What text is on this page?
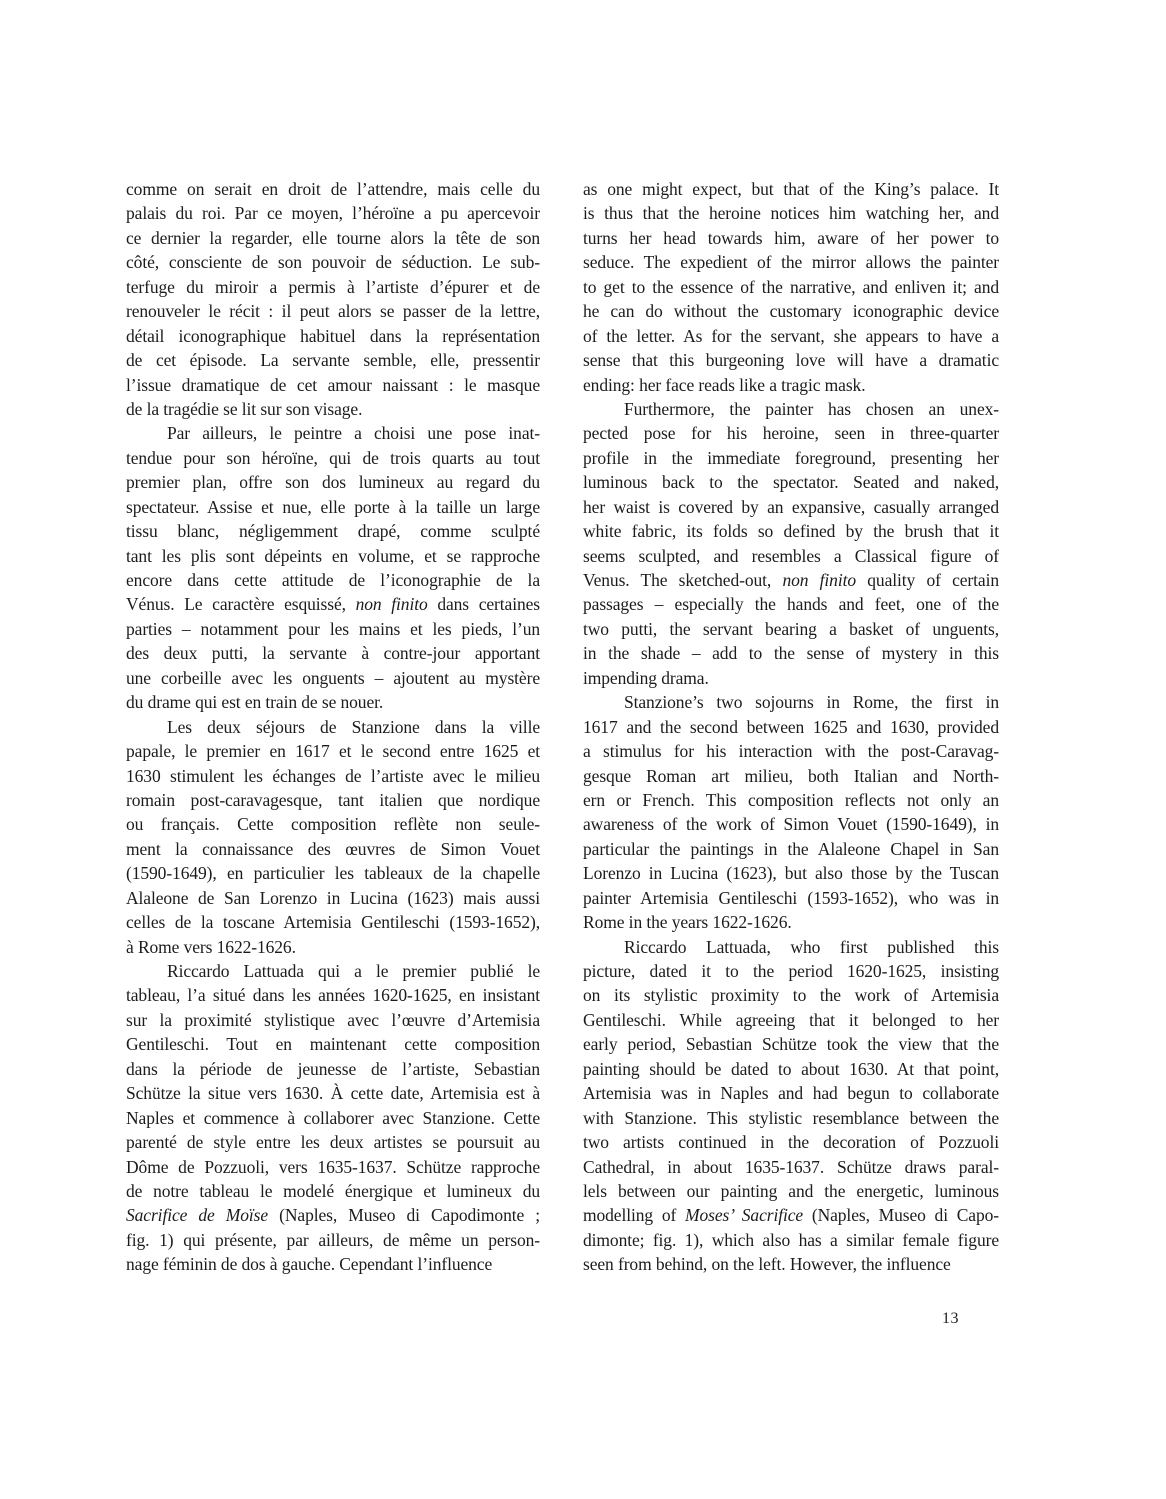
comme on serait en droit de l’attendre, mais celle du
palais du roi. Par ce moyen, l’héroïne a pu apercevoir
ce dernier la regarder, elle tourne alors la tête de son
côté, consciente de son pouvoir de séduction. Le sub-
terfuge du miroir a permis à l’artiste d’épurer et de
renouveler le récit : il peut alors se passer de la lettre,
détail iconographique habituel dans la représentation
de cet épisode. La servante semble, elle, pressentir
l’issue dramatique de cet amour naissant : le masque
de la tragédie se lit sur son visage.
Par ailleurs, le peintre a choisi une pose inat-
tendue pour son héroïne, qui de trois quarts au tout
premier plan, offre son dos lumineux au regard du
spectateur. Assise et nue, elle porte à la taille un large
tissu blanc, négligemment drapé, comme sculpté
tant les plis sont dépeints en volume, et se rapproche
encore dans cette attitude de l’iconographie de la
Vénus. Le caractère esquissé, non finito dans certaines
parties – notamment pour les mains et les pieds, l’un
des deux putti, la servante à contre-jour apportant
une corbeille avec les onguents – ajoutent au mystère
du drame qui est en train de se nouer.
Les deux séjours de Stanzione dans la ville
papale, le premier en 1617 et le second entre 1625 et
1630 stimulent les échanges de l’artiste avec le milieu
romain post-caravagesque, tant italien que nordique
ou français. Cette composition reflète non seule-
ment la connaissance des œuvres de Simon Vouet
(1590-1649), en particulier les tableaux de la chapelle
Alaleone de San Lorenzo in Lucina (1623) mais aussi
celles de la toscane Artemisia Gentileschi (1593-1652),
à Rome vers 1622-1626.
Riccardo Lattuada qui a le premier publié le
tableau, l’a situé dans les années 1620-1625, en insistant
sur la proximité stylistique avec l’œuvre d’Artemisia
Gentileschi. Tout en maintenant cette composition
dans la période de jeunesse de l’artiste, Sebastian
Schütze la situe vers 1630. À cette date, Artemisia est à
Naples et commence à collaborer avec Stanzione. Cette
parenté de style entre les deux artistes se poursuit au
Dôme de Pozzuoli, vers 1635-1637. Schütze rapproche
de notre tableau le modelé énergique et lumineux du
Sacrifice de Moïse (Naples, Museo di Capodimonte ;
fig. 1) qui présente, par ailleurs, de même un person-
nage féminin de dos à gauche. Cependant l’influence
as one might expect, but that of the King’s palace. It
is thus that the heroine notices him watching her, and
turns her head towards him, aware of her power to
seduce. The expedient of the mirror allows the painter
to get to the essence of the narrative, and enliven it; and
he can do without the customary iconographic device
of the letter. As for the servant, she appears to have a
sense that this burgeoning love will have a dramatic
ending: her face reads like a tragic mask.
Furthermore, the painter has chosen an unex-
pected pose for his heroine, seen in three-quarter
profile in the immediate foreground, presenting her
luminous back to the spectator. Seated and naked,
her waist is covered by an expansive, casually arranged
white fabric, its folds so defined by the brush that it
seems sculpted, and resembles a Classical figure of
Venus. The sketched-out, non finito quality of certain
passages – especially the hands and feet, one of the
two putti, the servant bearing a basket of unguents,
in the shade – add to the sense of mystery in this
impending drama.
Stanzione’s two sojourns in Rome, the first in
1617 and the second between 1625 and 1630, provided
a stimulus for his interaction with the post-Caravag-
gesque Roman art milieu, both Italian and North-
ern or French. This composition reflects not only an
awareness of the work of Simon Vouet (1590-1649), in
particular the paintings in the Alaleone Chapel in San
Lorenzo in Lucina (1623), but also those by the Tuscan
painter Artemisia Gentileschi (1593-1652), who was in
Rome in the years 1622-1626.
Riccardo Lattuada, who first published this
picture, dated it to the period 1620-1625, insisting
on its stylistic proximity to the work of Artemisia
Gentileschi. While agreeing that it belonged to her
early period, Sebastian Schütze took the view that the
painting should be dated to about 1630. At that point,
Artemisia was in Naples and had begun to collaborate
with Stanzione. This stylistic resemblance between the
two artists continued in the decoration of Pozzuoli
Cathedral, in about 1635-1637. Schütze draws paral-
lels between our painting and the energetic, luminous
modelling of Moses’ Sacrifice (Naples, Museo di Capo-
dimonte; fig. 1), which also has a similar female figure
seen from behind, on the left. However, the influence
13
